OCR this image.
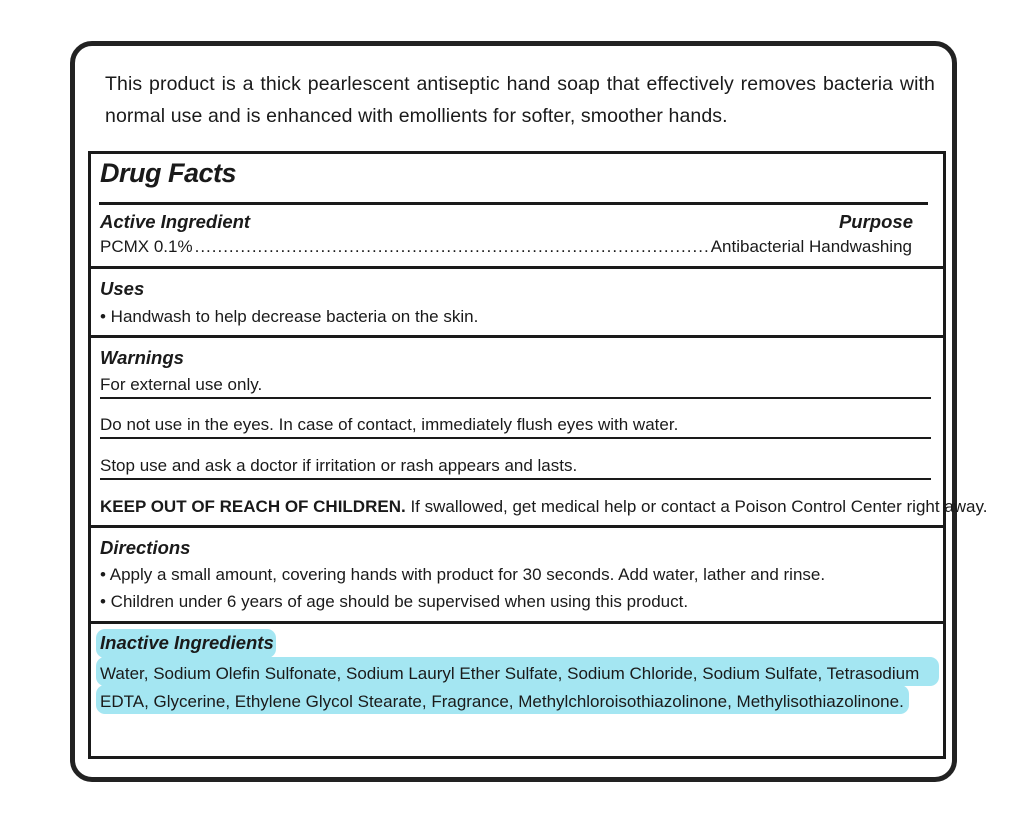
This product is a thick pearlescent antiseptic hand soap that effectively removes bacteria with normal use and is enhanced with emollients for softer, smoother hands.
Drug Facts
Active Ingredient	Purpose
PCMX 0.1%
.....	Antibacterial Handwashing
Uses
• Handwash to help decrease bacteria on the skin.
Warnings
For external use only.
Do not use in the eyes. In case of contact, immediately flush eyes with water.
Stop use and ask a doctor if irritation or rash appears and lasts.
KEEP OUT OF REACH OF CHILDREN. If swallowed, get medical help or contact a Poison Control Center right away.
Directions
• Apply a small amount, covering hands with product for 30 seconds. Add water, lather and rinse.
• Children under 6 years of age should be supervised when using this product.
Inactive Ingredients
Water, Sodium Olefin Sulfonate, Sodium Lauryl Ether Sulfate, Sodium Chloride, Sodium Sulfate, Tetrasodium EDTA, Glycerine, Ethylene Glycol Stearate, Fragrance, Methylchloroisothiazolinone, Methylisothiazolinone.
